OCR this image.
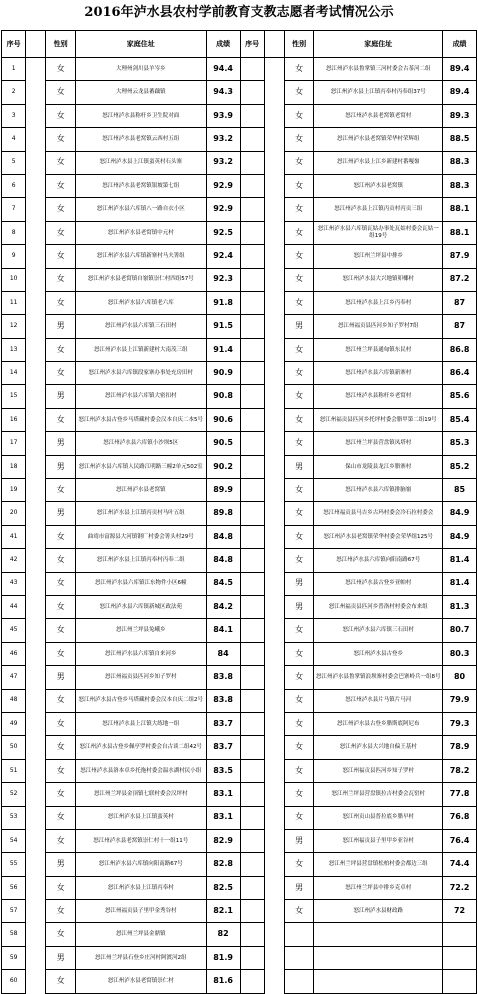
2016年泸水县农村学前教育支教志愿者考试情况公示
序号		性别	家庭住址	成绩	序号		性别	家庭住址	成绩
1		女	大理州剑川县羊岑乡	94.4			女	怒江州泸水县鲁掌镇三河村委会古茶河二组	89.4
2		女	大理州云龙县蕃藕镇	94.3			女	怒江州泸水县上江镇丙奉村丙奉组37号	89.4
3		女	怒江州泸水县称杆乡卫生院对面	93.9			女	怒江州泸水县老窝镇老窝村	89.3
4		女	怒江州泸水县老窝镇云西村五组	93.2			女	怒江州泸水县老窝镇荣华村荣辉组	88.5
5		女	怒江州泸水县上江镇蛮英村石头寨	93.2			女	怒江州泸水县上江乡新建村番嘎嶺	88.3
6		女	怒江州泸水县老窝镇银坡第七组	92.9			女	怒江州泸水县老窝镇	88.3
7		女	怒江州泸水县六库镇八一路自衣小区	92.9			女	怒江州泸水县上江镇丙贡村丙贡三组	88.1
8		女	怒江州泸水县老窝镇中元村	92.5			女	怒江州泸水县六库镇瓦姑办事处瓦姑村委会瓦姑一组19号	88.1
9		女	怒江州泸水县六库镇新寨村马夫箐组	92.4			女	怒江州兰坪县中排乡	87.9
10		女	怒江州泸水县老窝镇自嶺镇崇仁村四组57号	92.3			女	怒江州泸水县大兴地镇卯椰村	87.2
11		女	怒江州泸水县六库镇老六库	91.8			女	怒江州泸水县上江乡丙奉村	87
12		男	怒江州泸水县六库镇三石田村	91.5			男	怒江州福贡县匹河乡知子罗村7组	87
13		女	怒江州泸水县上江镇新建村大南茂三组	91.4			女	怒江州兰坪县通甸镇东民村	86.8
14		女	怒江州泸水县六库镇段家寨办事处充房田村	90.9			女	怒江州泸水县六库镇新寨村	86.4
15		男	怒江州泸水县六库镇大密扣村	90.8			女	怒江州泸水县称杆乡老窝村	85.6
16		女	怒江州泸水县古登乡马塔藏村委会汉本自庆二本5号	90.6			女	怒江州福贡县匹河乡托坪村委会腊甲第二组19号	85.4
17		男	怒江州泸水县六库镇小沙坝5区	90.5			女	怒江州兰坪县营盘镇凤塔村	85.3
18		男	怒江州泸水县六库镇人民路江明路三幢2单元502室	90.2			男	保山市龙陵县龙江乡腊寨村	85.2
19		女	怒江州泸水县老窝镇	89.9			女	怒江州泸水县六库镇排脑嶺	85
20		男	怒江州泸水县上江镇丙贡村马叶五组	89.8			女	怒江州福贡县马吉乡古玛村委会冷石拉村委会	84.9
41		女	曲靖市富源县大河镇钢厂村委会箐头村29号	84.8			女	怒江州泸水县老窝镇荣华村委会荣华组125号	84.9
42		女	怒江州泸水县上江镇丙奉村丙奉二组	84.8			女	怒江州泸水县六库镇向阳南路67号	81.4
43		女	怒江州泸水县六库镇江东物件小区6幢	84.5			男	怒江州泸水县古登乡亚帕村	81.4
44		女	怒江州泸水县六库镇新城区政法苑	84.2			男	怒江州福贡县匹河乡普洛村村委会布来组	81.3
45		女	怒江州兰坪县兔峨乡	84.1			女	怒江州泸水县六库镇三石田村	80.7
46		女	怒江州泸水县六库镇自来河乡	84			女	怒江州泸水县古登乡	80.3
47		男	怒江州福贡县匹河乡知子罗村	83.8			女	怒江州泸水县鲁掌镇浪坝寨村委会巴寨岭兵一组8号	80
48		女	怒江州泸水县古登乡马塔藏村委会汉本自庆二组2号	83.8			女	怒江州泸水县片马镇片马河	79.9
49		女	怒江州泸水县上江镇大练地一组	83.7			女	怒江州泸水县古登乡腊斯底阿尼布	79.3
50		女	怒江州泸水县古登乡佩亭罗村委会自古谈二组42号	83.7			女	怒江州泸水县大兴地自偏王基村	78.9
51		女	怒江州泸水县洛本卓乡托拖村委会温水湖村民小组	83.5			女	怒江州福贡县匹河乡知子罗村	78.2
52		女	怒江州兰坪县金顶镇七联村委会汉坪村	83.1			女	怒江州兰坪县营盘镇拉吉村委会瓦窑村	77.8
53		女	怒江州泸水县上江镇蛮英村	83.1			女	怒江州贡山县普拉底乡腊早村	76.8
54		女	怒江州泸水县老窝镇崇仁村十一组11号	82.9			男	怒江州福贡县子里甲乡亚谷村	76.4
55		男	怒江州泸水县六库镇向阳南路67号	82.8			女	怒江州兰坪县营盘镇松柏村委会都边三组	74.4
56		女	怒江州泸水县上江镇丙奉村	82.5			男	怒江州兰坪县中排乡克卓村	72.2
57		女	怒江州福贡县子里甲金秀谷村	82.1			女	怒江州泸水县财政路	72
58		女	怒江州兰坪县金鼎镇	82					
59		男	怒江州兰坪县石登乡庄河村阿渡河2组	81.9					
60		女	怒江州泸水县老窝镇崇仁村	81.6					
